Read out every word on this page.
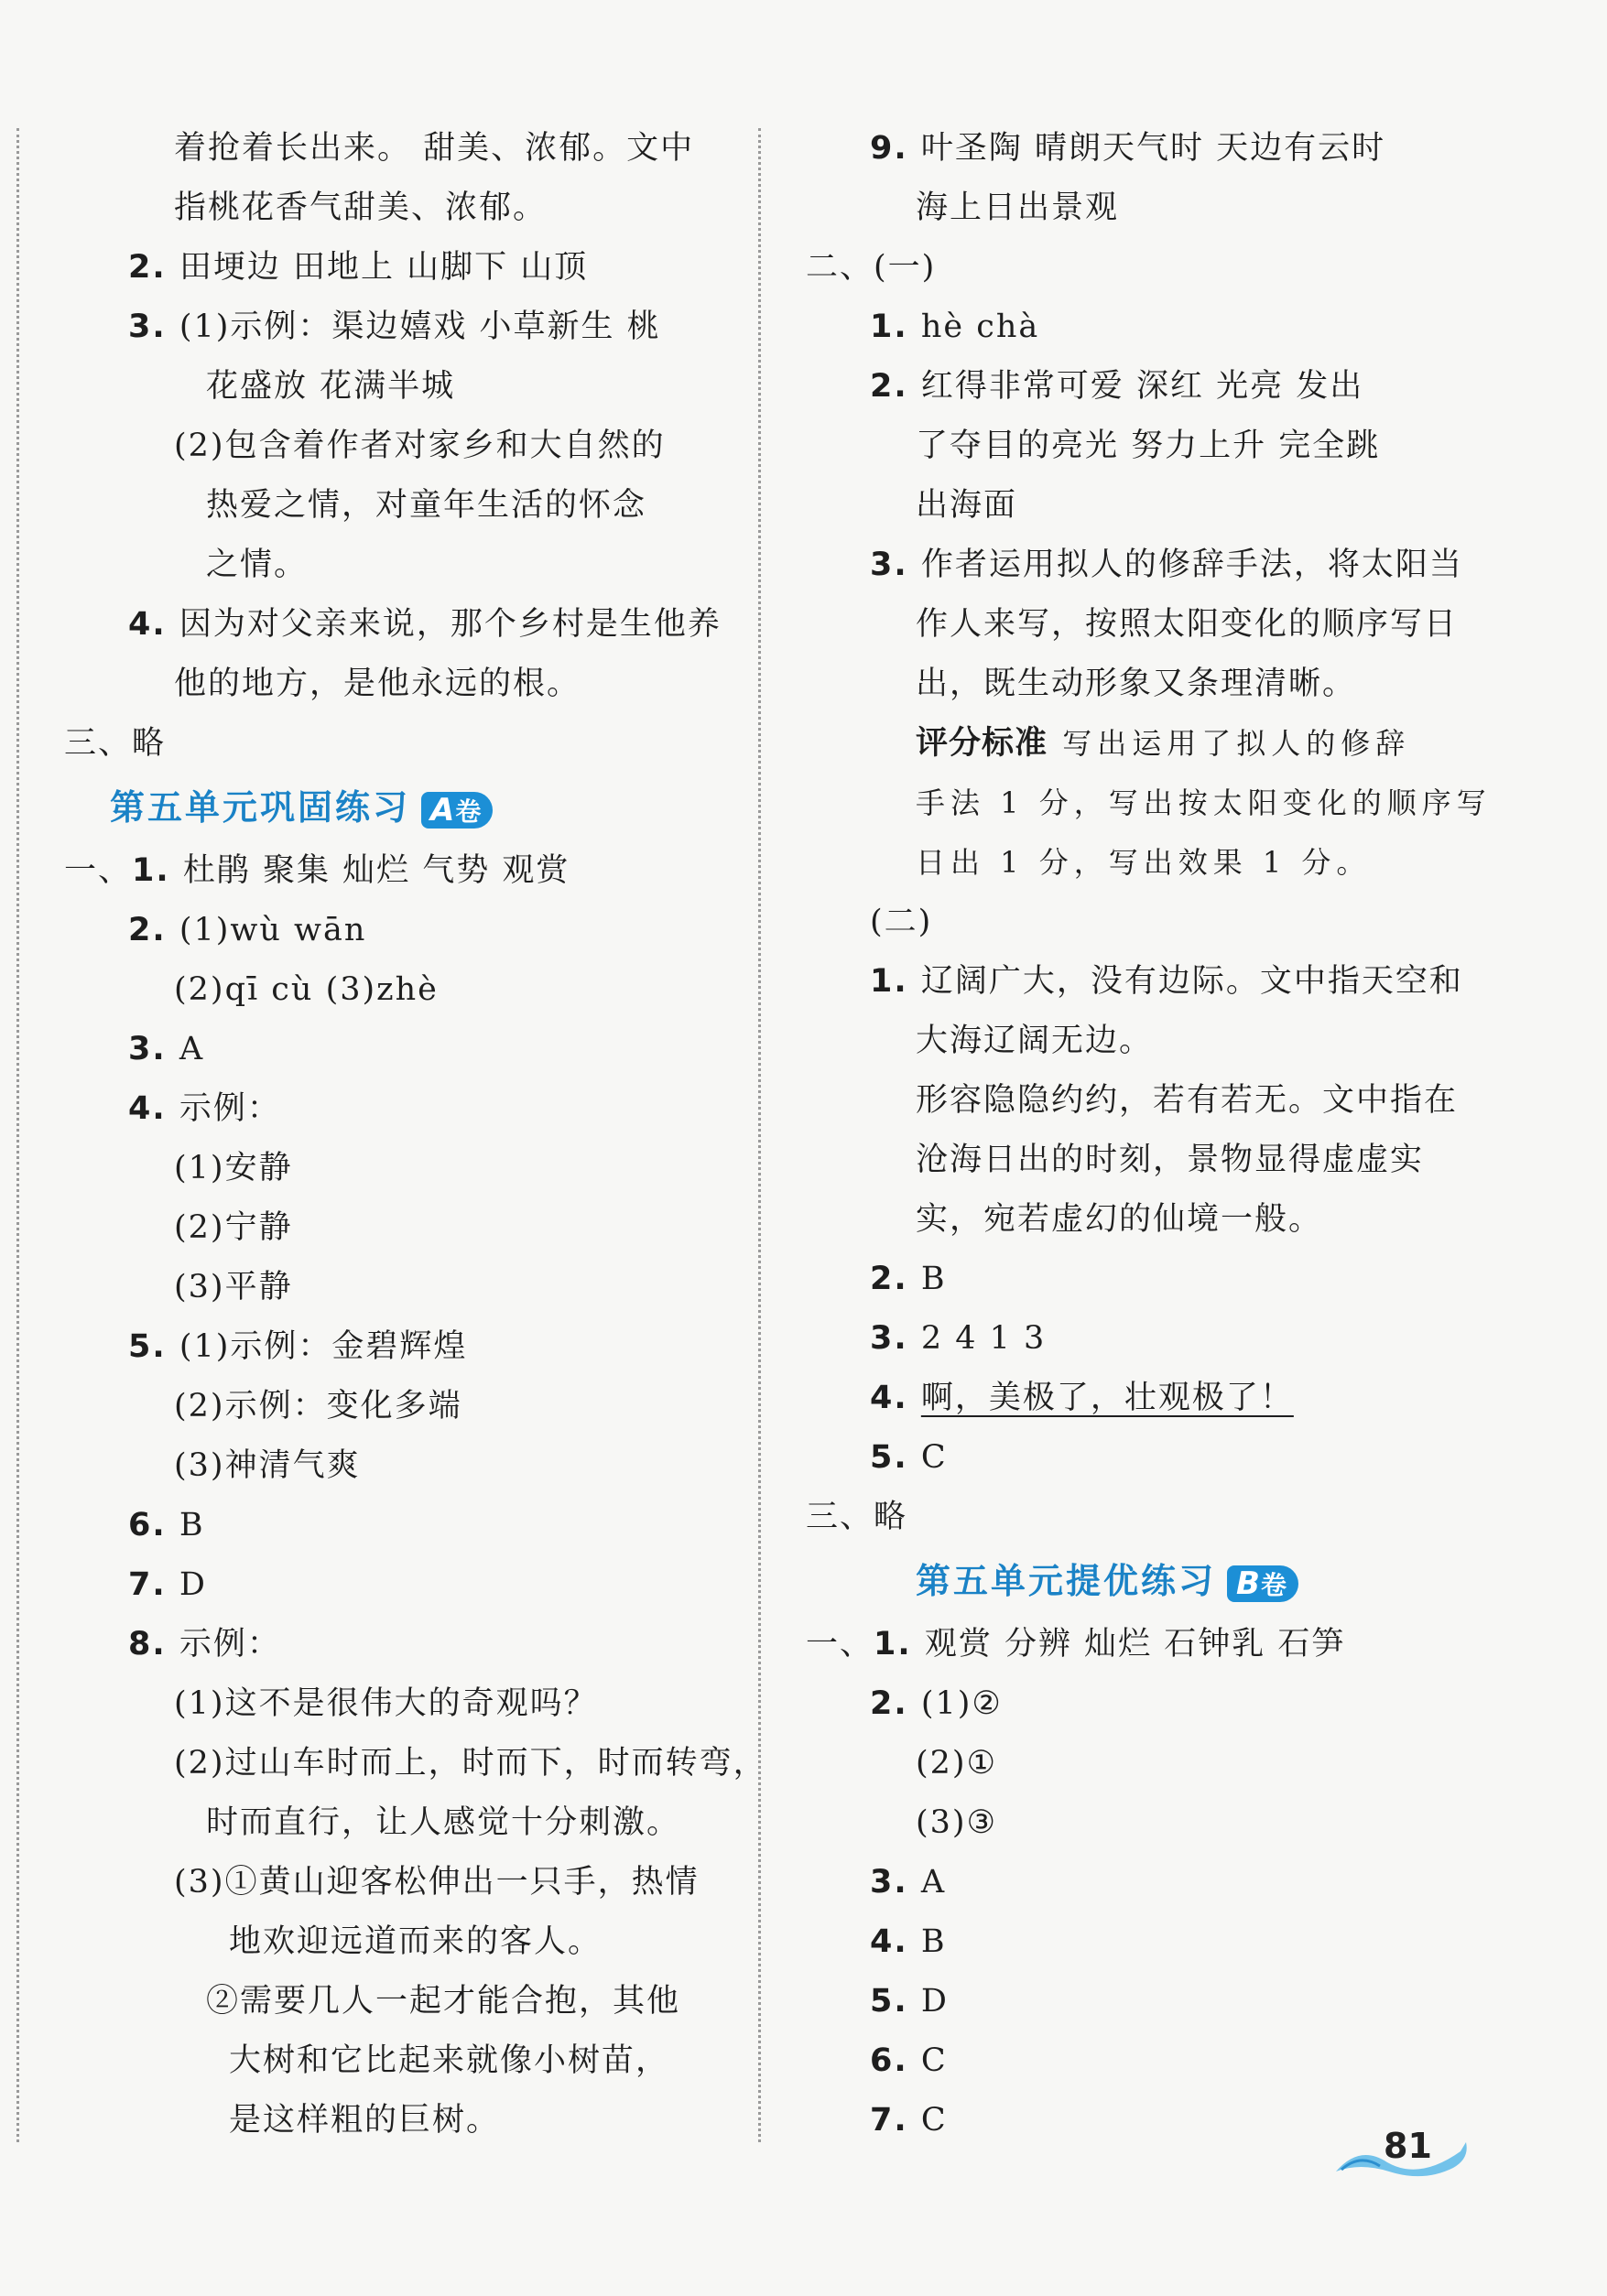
着抢着长出来。 甜美、浓郁。文中
指桃花香气甜美、浓郁。
2. 田埂边 田地上 山脚下 山顶
3. (1)示例：渠边嬉戏 小草新生 桃
花盛放 花满半城
(2)包含着作者对家乡和大自然的
热爱之情，对童年生活的怀念
之情。
4. 因为对父亲来说，那个乡村是生他养
他的地方，是他永远的根。
三、略
第五单元巩固练习 A卷
一、1. 杜鹃 聚集 灿烂 气势 观赏
2. (1)wù wān
(2)qī cù (3)zhè
3. A
4. 示例：
(1)安静
(2)宁静
(3)平静
5. (1)示例：金碧辉煌
(2)示例：变化多端
(3)神清气爽
6. B
7. D
8. 示例：
(1)这不是很伟大的奇观吗？
(2)过山车时而上，时而下，时而转弯，
时而直行，让人感觉十分刺激。
(3)①黄山迎客松伸出一只手，热情
地欢迎远道而来的客人。
②需要几人一起才能合抱，其他
大树和它比起来就像小树苗，
是这样粗的巨树。
9. 叶圣陶 晴朗天气时 天边有云时
海上日出景观
二、(一)
1. hè chà
2. 红得非常可爱 深红 光亮 发出
了夺目的亮光 努力上升 完全跳
出海面
3. 作者运用拟人的修辞手法，将太阳当
作人来写，按照太阳变化的顺序写日
出，既生动形象又条理清晰。
评分标准 写出运用了拟人的修辞
手法 1 分，写出按太阳变化的顺序写
日出 1 分，写出效果 1 分。
(二)
1. 辽阔广大，没有边际。文中指天空和
大海辽阔无边。
形容隐隐约约，若有若无。文中指在
沧海日出的时刻，景物显得虚虚实
实，宛若虚幻的仙境一般。
2. B
3. 2 4 1 3
4. 啊，美极了，壮观极了！
5. C
三、略
第五单元提优练习 B卷
一、1. 观赏 分辨 灿烂 石钟乳 石笋
2. (1)②
(2)①
(3)③
3. A
4. B
5. D
6. C
7. C
81
